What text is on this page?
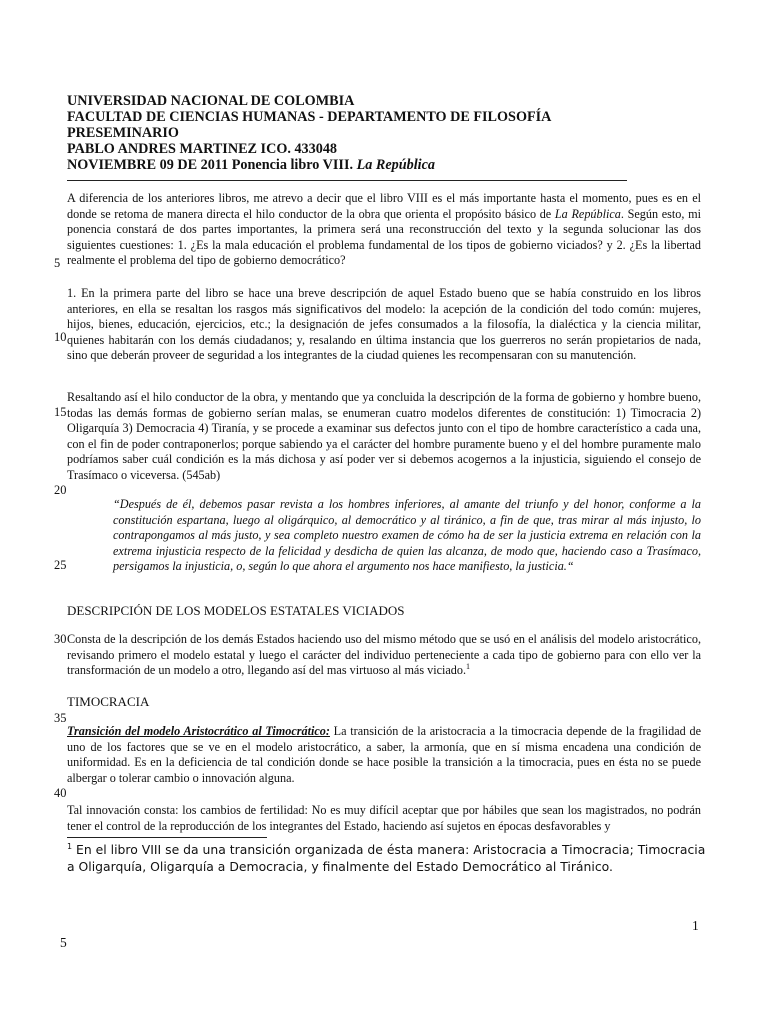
UNIVERSIDAD NACIONAL DE COLOMBIA
FACULTAD DE CIENCIAS HUMANAS - DEPARTAMENTO DE FILOSOFÍA
PRESEMINARIO
PABLO ANDRES MARTINEZ ICO. 433048
NOVIEMBRE 09 DE 2011 Ponencia libro VIII. La República

A diferencia de los anteriores libros, me atrevo a decir que el libro VIII es el más importante hasta el momento, pues es en el donde se retoma de manera directa el hilo conductor de la obra que orienta el propósito básico de La República. Según esto, mi ponencia constará de dos partes importantes, la primera será una reconstrucción del texto y la segunda solucionar las dos siguientes cuestiones: 1. ¿Es la mala educación el problema fundamental de los tipos de gobierno viciados? y 2. ¿Es la libertad realmente el problema del tipo de gobierno democrático?

1. En la primera parte del libro se hace una breve descripción de aquel Estado bueno que se había construido en los libros anteriores, en ella se resaltan los rasgos más significativos del modelo: la acepción de la condición del todo común: mujeres, hijos, bienes, educación, ejercicios, etc.; la designación de jefes consumados a la filosofía, la dialéctica y la ciencia militar, quienes habitarán con los demás ciudadanos; y, resalando en última instancia que los guerreros no serán propietarios de nada, sino que deberán proveer de seguridad a los integrantes de la ciudad quienes les recompensaran con su manutención.

Resaltando así el hilo conductor de la obra, y mentando que ya concluida la descripción de la forma de gobierno y hombre bueno, todas las demás formas de gobierno serían malas, se enumeran cuatro modelos diferentes de constitución: 1) Timocracia 2) Oligarquía 3) Democracia 4) Tiranía, y se procede a examinar sus defectos junto con el tipo de hombre característico a cada una, con el fin de poder contraponerlos; porque sabiendo ya el carácter del hombre puramente bueno y el del hombre puramente malo podríamos saber cuál condición es la más dichosa y así poder ver si debemos acogernos a la injusticia, siguiendo el consejo de Trasímaco o viceversa. (545ab)

“Después de él, debemos pasar revista a los hombres inferiores, al amante del triunfo y del honor, conforme a la constitución espartana, luego al oligárquico, al democrático y al tiránico, a fin de que, tras mirar al más injusto, lo contrapongamos al más justo, y sea completo nuestro examen de cómo ha de ser la justicia extrema en relación con la extrema injusticia respecto de la felicidad y desdicha de quien las alcanza, de modo que, haciendo caso a Trasímaco, persigamos la injusticia, o, según lo que ahora el argumento nos hace manifiesto, la justicia.“

DESCRIPCIÓN DE LOS MODELOS ESTATALES VICIADOS

Consta de la descripción de los demás Estados haciendo uso del mismo método que se usó en el análisis del modelo aristocrático, revisando primero el modelo estatal y luego el carácter del individuo perteneciente a cada tipo de gobierno para con ello ver la transformación de un modelo a otro, llegando así del mas virtuoso al más viciado.$^1$

TIMOCRACIA

Transición del modelo Aristocrático al Timocrático: La transición de la aristocracia a la timocracia depende de la fragilidad de uno de los factores que se ve en el modelo aristocrático, a saber, la armonía, que en sí misma encadena una condición de uniformidad. Es en la deficiencia de tal condición donde se hace posible la transición a la timocracia, pues en ésta no se puede albergar o tolerar cambio o innovación alguna.

Tal innovación consta: los cambios de fertilidad: No es muy difícil aceptar que por hábiles que sean los magistrados, no podrán tener el control de la reproducción de los integrantes del Estado, haciendo así sujetos en épocas desfavorables y

$^1$ En el libro VIII se da una transición organizada de ésta manera: Aristocracia a Timocracia; Timocracia a Oligarquía, Oligarquía a Democracia, y finalmente del Estado Democrático al Tiránico.
5
10
15
20
25
30
35
40
1
5
